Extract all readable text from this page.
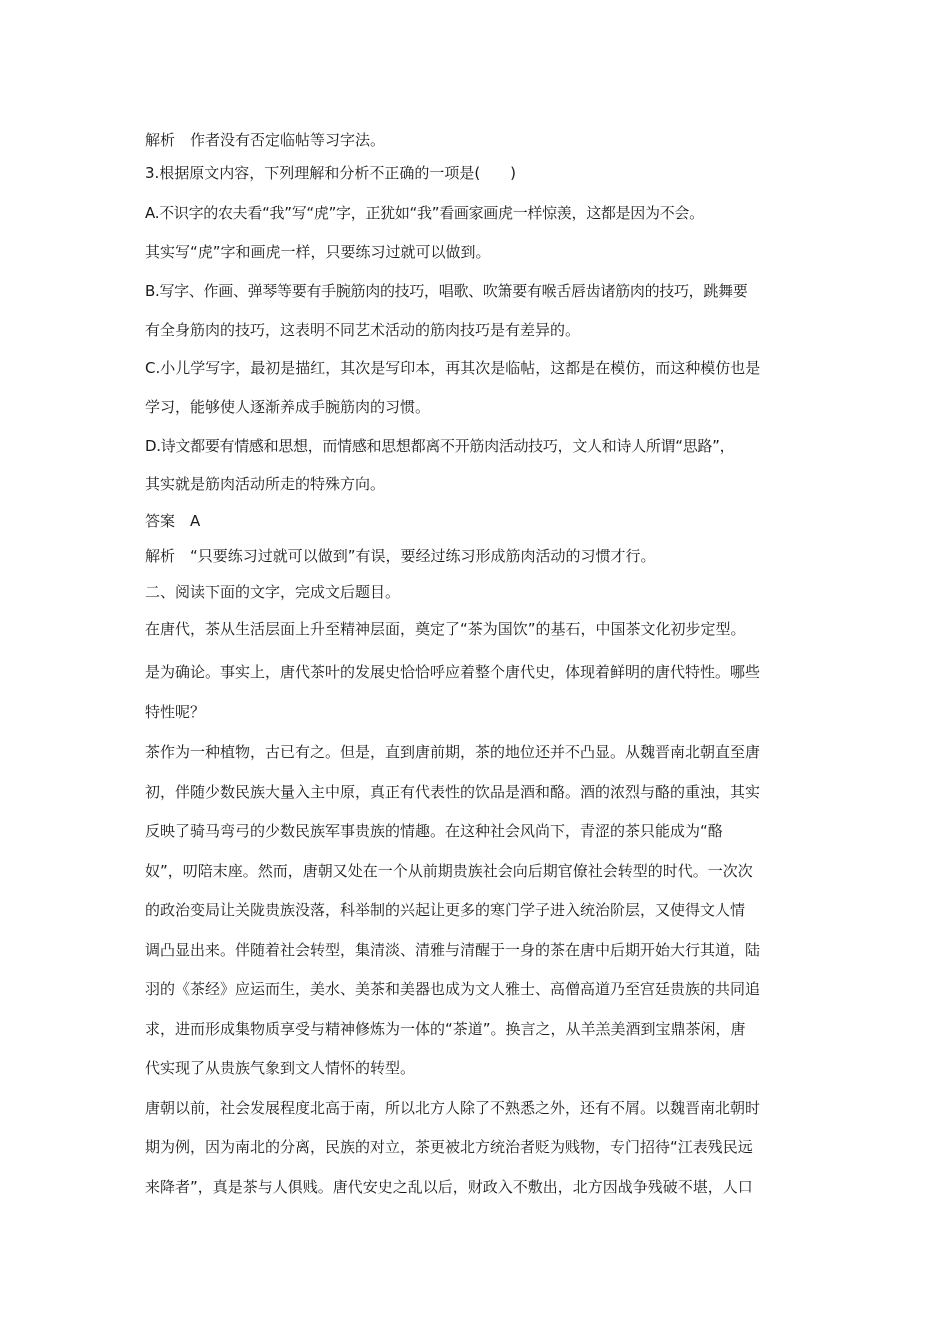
解析　作者没有否定临帖等习字法。
3.根据原文内容，下列理解和分析不正确的一项是(　　)
A.不识字的农夫看“我”写“虎”字，正犹如“我”看画家画虎一样惊羡，这都是因为不会。
其实写“虎”字和画虎一样，只要练习过就可以做到。
B.写字、作画、弹琴等要有手腕筋肉的技巧，唱歌、吹箫要有喉舌唇齿诸筋肉的技巧，跳舞要
有全身筋肉的技巧，这表明不同艺术活动的筋肉技巧是有差异的。
C.小儿学写字，最初是描红，其次是写印本，再其次是临帖，这都是在模仿，而这种模仿也是
学习，能够使人逐渐养成手腕筋肉的习惯。
D.诗文都要有情感和思想，而情感和思想都离不开筋肉活动技巧，文人和诗人所谓“思路”，
其实就是筋肉活动所走的特殊方向。
答案　A
解析　“只要练习过就可以做到”有误，要经过练习形成筋肉活动的习惯才行。
二、阅读下面的文字，完成文后题目。
在唐代，茶从生活层面上升至精神层面，奠定了“茶为国饮”的基石，中国茶文化初步定型。
是为确论。事实上，唐代茶叶的发展史恰恰呼应着整个唐代史，体现着鲜明的唐代特性。哪些
特性呢？
茶作为一种植物，古已有之。但是，直到唐前期，茶的地位还并不凸显。从魏晋南北朝直至唐
初，伴随少数民族大量入主中原，真正有代表性的饮品是酒和酪。酒的浓烈与酪的重浊，其实
反映了骑马弯弓的少数民族军事贵族的情趣。在这种社会风尚下，青涩的茶只能成为“酪
奴”，叨陪末座。然而，唐朝又处在一个从前期贵族社会向后期官僚社会转型的时代。一次次
的政治变局让关陇贵族没落，科举制的兴起让更多的寒门学子进入统治阶层，又使得文人情
调凸显出来。伴随着社会转型，集清淡、清雅与清醒于一身的茶在唐中后期开始大行其道，陆
羽的《茶经》应运而生，美水、美茶和美器也成为文人雅士、高僧高道乃至宫廷贵族的共同追
求，进而形成集物质享受与精神修炼为一体的“茶道”。换言之，从羊羔美酒到宝鼎茶闲，唐
代实现了从贵族气象到文人情怀的转型。
唐朝以前，社会发展程度北高于南，所以北方人除了不熟悉之外，还有不屑。以魏晋南北朝时
期为例，因为南北的分离，民族的对立，茶更被北方统治者贬为贱物，专门招待“江表残民远
来降者”，真是茶与人俱贱。唐代安史之乱以后，财政入不敷出，北方因战争残破不堪，人口
